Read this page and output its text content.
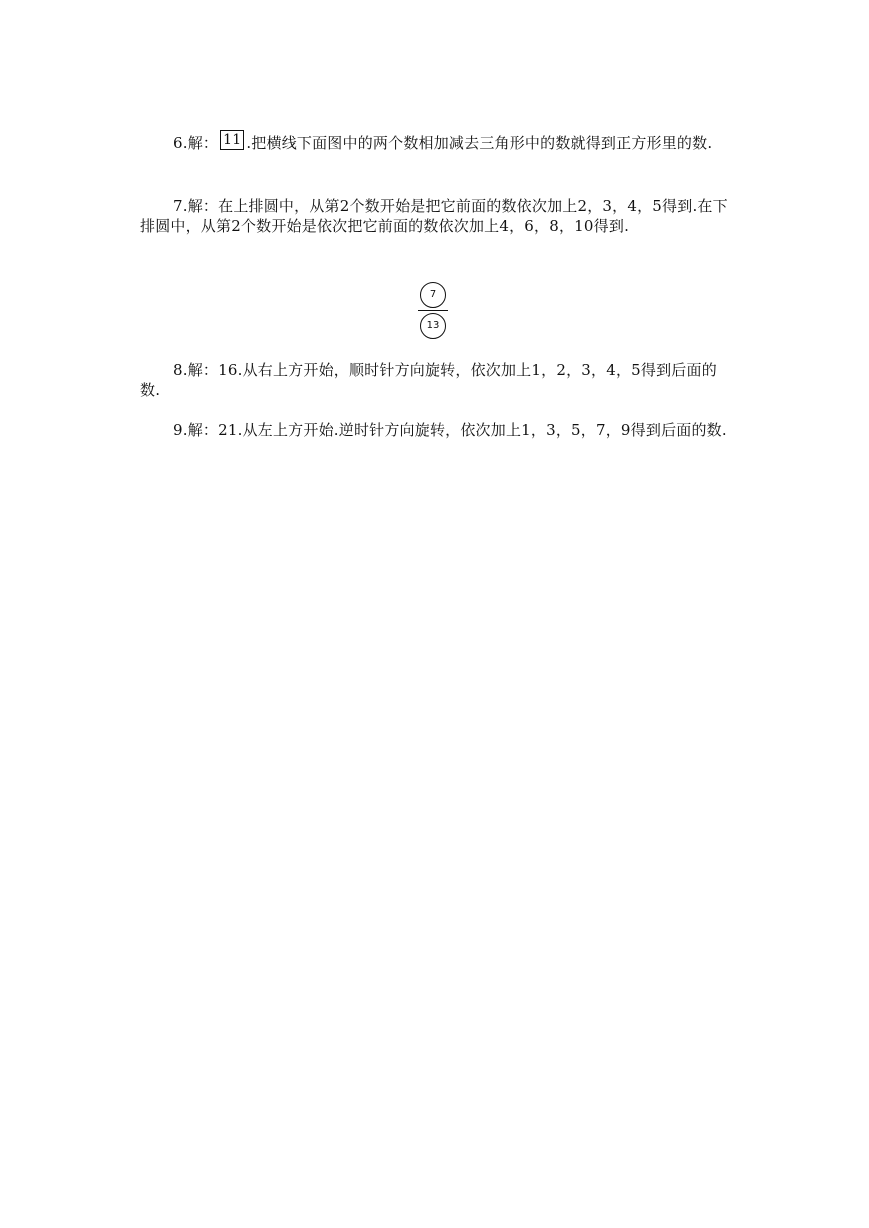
6.解： 11 .把横线下面图中的两个数相加减去三角形中的数就得到正方形里的数.
7.解：在上排圆中，从第2个数开始是把它前面的数依次加上2，3，4，5得到.在下排圆中，从第2个数开始是依次把它前面的数依次加上4，6，8，10得到.
7
13
8.解：16.从右上方开始，顺时针方向旋转，依次加上1，2，3，4，5得到后面的数.
9.解：21.从左上方开始.逆时针方向旋转，依次加上1，3，5，7，9得到后面的数.
